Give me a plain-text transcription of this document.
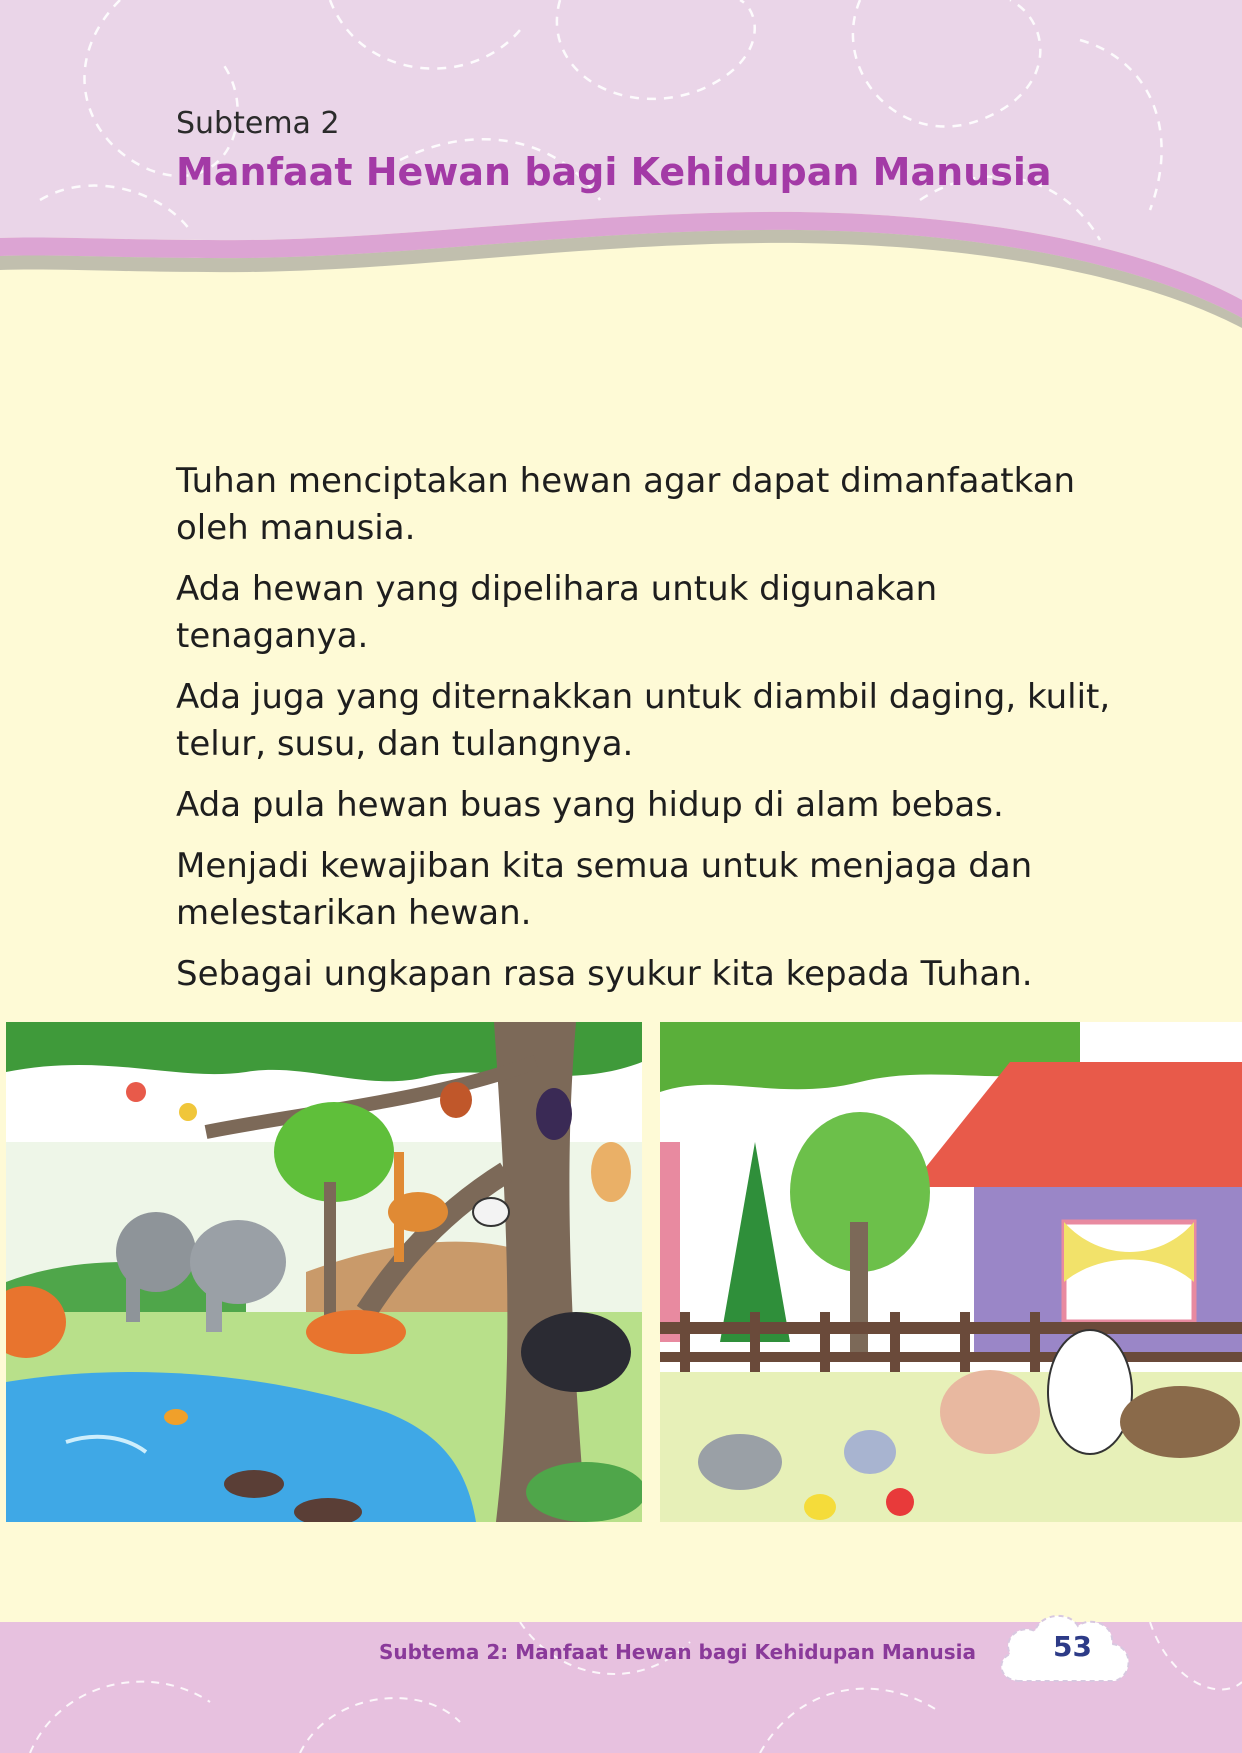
Subtema 2
Manfaat Hewan bagi Kehidupan Manusia

Tuhan menciptakan hewan agar dapat dimanfaatkan oleh manusia.

Ada hewan yang dipelihara untuk digunakan tenaganya.

Ada juga yang diternakkan untuk diambil daging, kulit, telur, susu, dan tulangnya.

Ada pula hewan buas yang hidup di alam bebas.

Menjadi kewajiban kita semua untuk menjaga dan melestarikan hewan.

Sebagai ungkapan rasa syukur kita kepada Tuhan.

Subtema 2: Manfaat Hewan bagi Kehidupan Manusia	53
